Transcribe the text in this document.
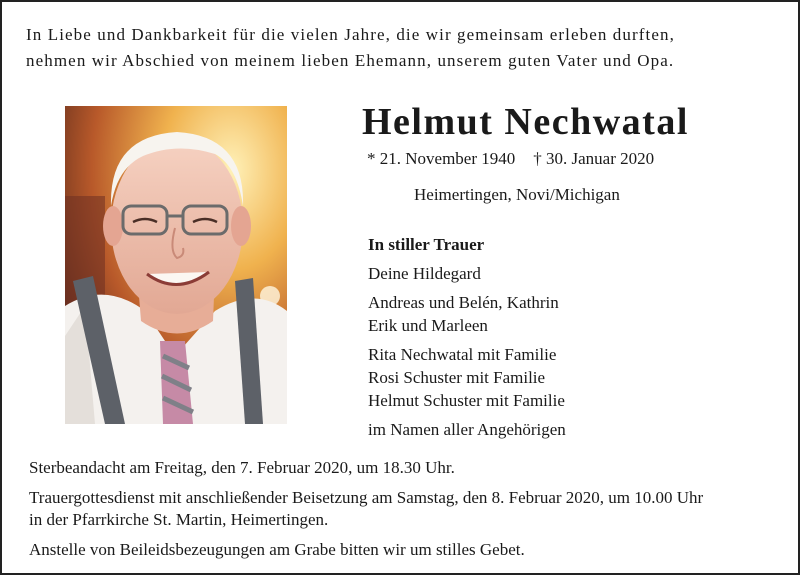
In Liebe und Dankbarkeit für die vielen Jahre, die wir gemeinsam erleben durften,
nehmen wir Abschied von meinem lieben Ehemann, unserem guten Vater und Opa.
Helmut Nechwatal
* 21. November 1940 † 30. Januar 2020
Heimertingen, Novi/Michigan
In stiller Trauer
Deine Hildegard
Andreas und Belén, Kathrin
Erik und Marleen
Rita Nechwatal mit Familie
Rosi Schuster mit Familie
Helmut Schuster mit Familie
im Namen aller Angehörigen

Sterbeandacht am Freitag, den 7. Februar 2020, um 18.30 Uhr.

Trauergottesdienst mit anschließender Beisetzung am Samstag, den 8. Februar 2020, um 10.00 Uhr
in der Pfarrkirche St. Martin, Heimertingen.

Anstelle von Beileidsbezeugungen am Grabe bitten wir um stilles Gebet.
